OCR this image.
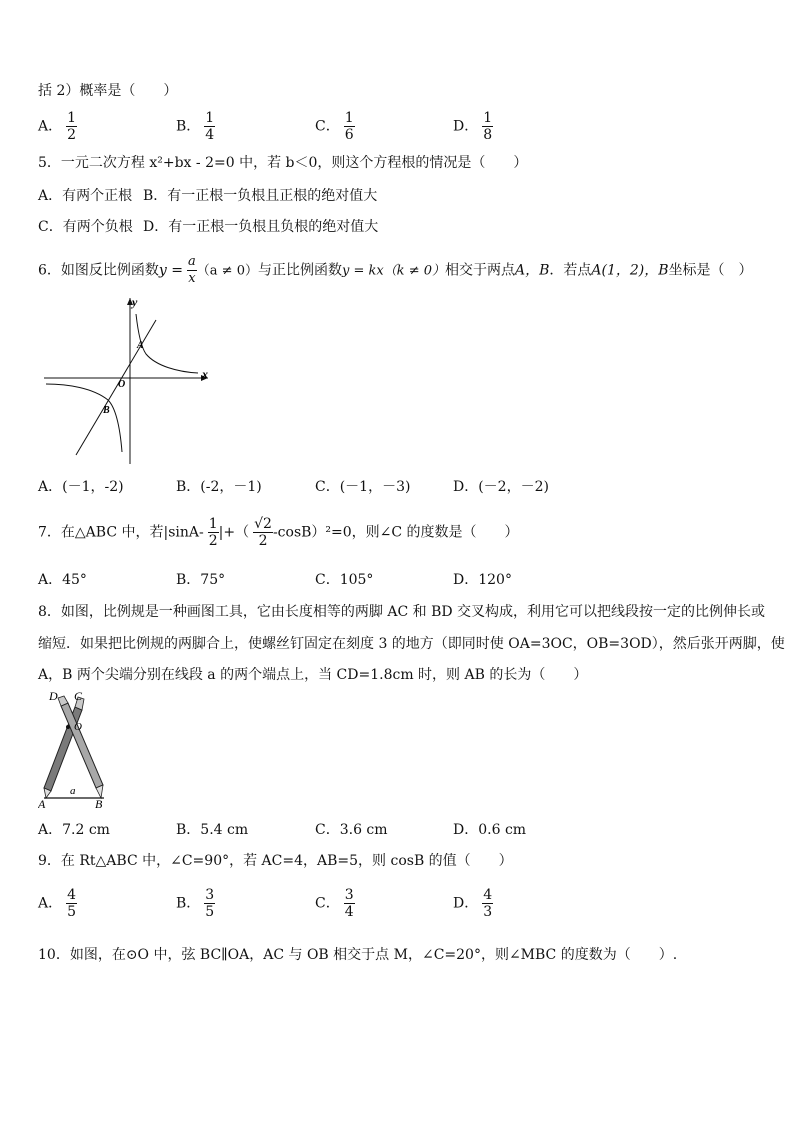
括 2）概率是（　　）
A． $\frac{1}{2}$	B． $\frac{1}{4}$	C． $\frac{1}{6}$	D． $\frac{1}{8}$
5．一元二次方程 x²+bx - 2=0 中，若 b＜0，则这个方程根的情况是（　　）
A．有两个正根 B．有一正根一负根且正根的绝对值大
C．有两个负根 D．有一正根一负根且负根的绝对值大
6．如图反比例函数$y = \frac{a}{x} (a \ne 0)$与正比例函数y = kx（k ≠ 0）相交于两点A，B．若点A(1，2)，B坐标是（　）
y
x
O
A
B
A．(－1，-2)	B．(-2，－1)	C．(－1，－3)	D．(－2，－2)
7．在△ABC 中，若$|\sin A- \frac{1}{2}$ |+（ $\frac{√2}{2} -\cos B)^2=0$，则∠C 的度数是（　　）
A．45°	B．75°	C．105°	D．120°
8．如图，比例规是一种画图工具，它由长度相等的两脚 AC 和 BD 交叉构成，利用它可以把线段按一定的比例伸长或
缩短．如果把比例规的两脚合上，使螺丝钉固定在刻度 3 的地方（即同时使 OA=3OC，OB=3OD），然后张开两脚，使
A，B 两个尖端分别在线段 a 的两个端点上，当 CD=1.8cm 时，则 AB 的长为（　　）
D C
O
A	B
a
A．7.2 cm	B．5.4 cm	C．3.6 cm	D．0.6 cm
9．在 Rt△ABC 中，∠C=90°，若 AC=4，AB=5，则 cosB 的值（　　）
A． $\frac{4}{5}$	B． $\frac{3}{5}$	C． $\frac{3}{4}$	D． $\frac{4}{3}$
10．如图，在⊙O 中，弦 BC∥OA，AC 与 OB 相交于点 M，∠C=20°，则∠MBC 的度数为（　　）.
